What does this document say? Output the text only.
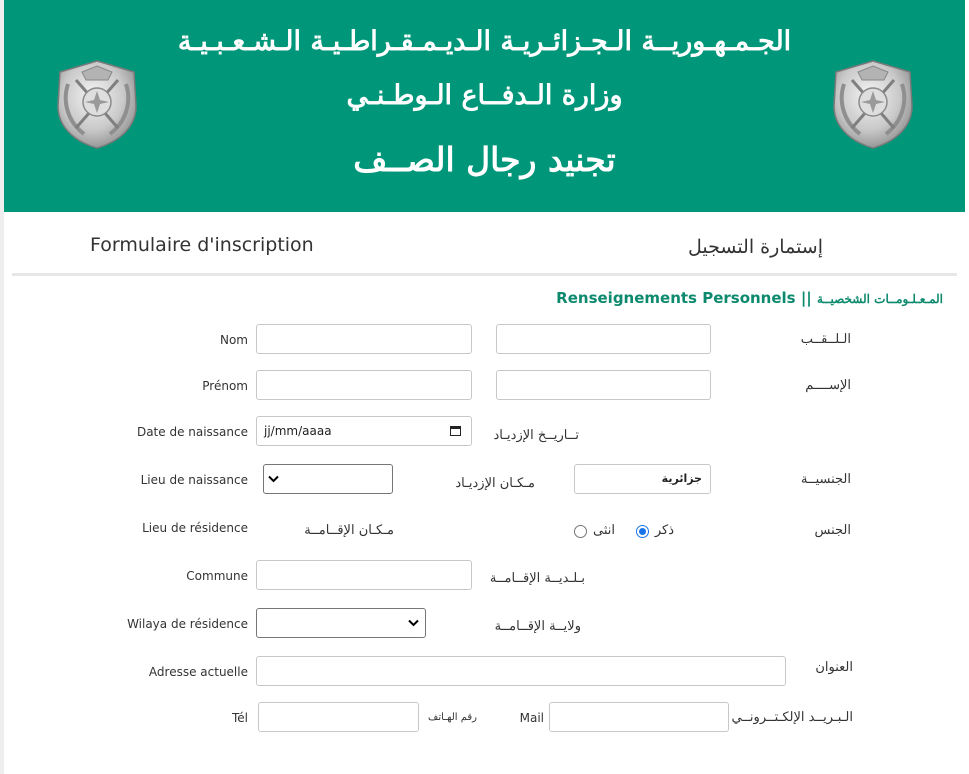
الجـمـهـوريــة الـجـزائـريـة الـديـمـقـراطـيـة الـشـعـبـيـة
وزارة الـدفــاع الـوطـنـي
تجنيد رجال الصــف
Formulaire d'inscription	إستمارة التسجيل
Renseignements Personnels || المـعـلـومــات الشخصيــة
Nom	الـلــقــب
Prénom	الإســــم
Date de naissance jj/mm/aaaa	تــاريــخ الإزديـاد
Lieu de naissance	مـكـان الإزديـاد	جزائرية	الجنسيــة
Lieu de résidence	مـكـان الإقــامــة	انثى	ذكر	الجنس
Commune	بـلـديــة الإقــامــة
Wilaya de résidence	ولايــة الإقــامــة
Adresse actuelle	العنوان
Tél	رقم الهـاتف	Mail	الـبـريــد الإلكـتــرونــي
